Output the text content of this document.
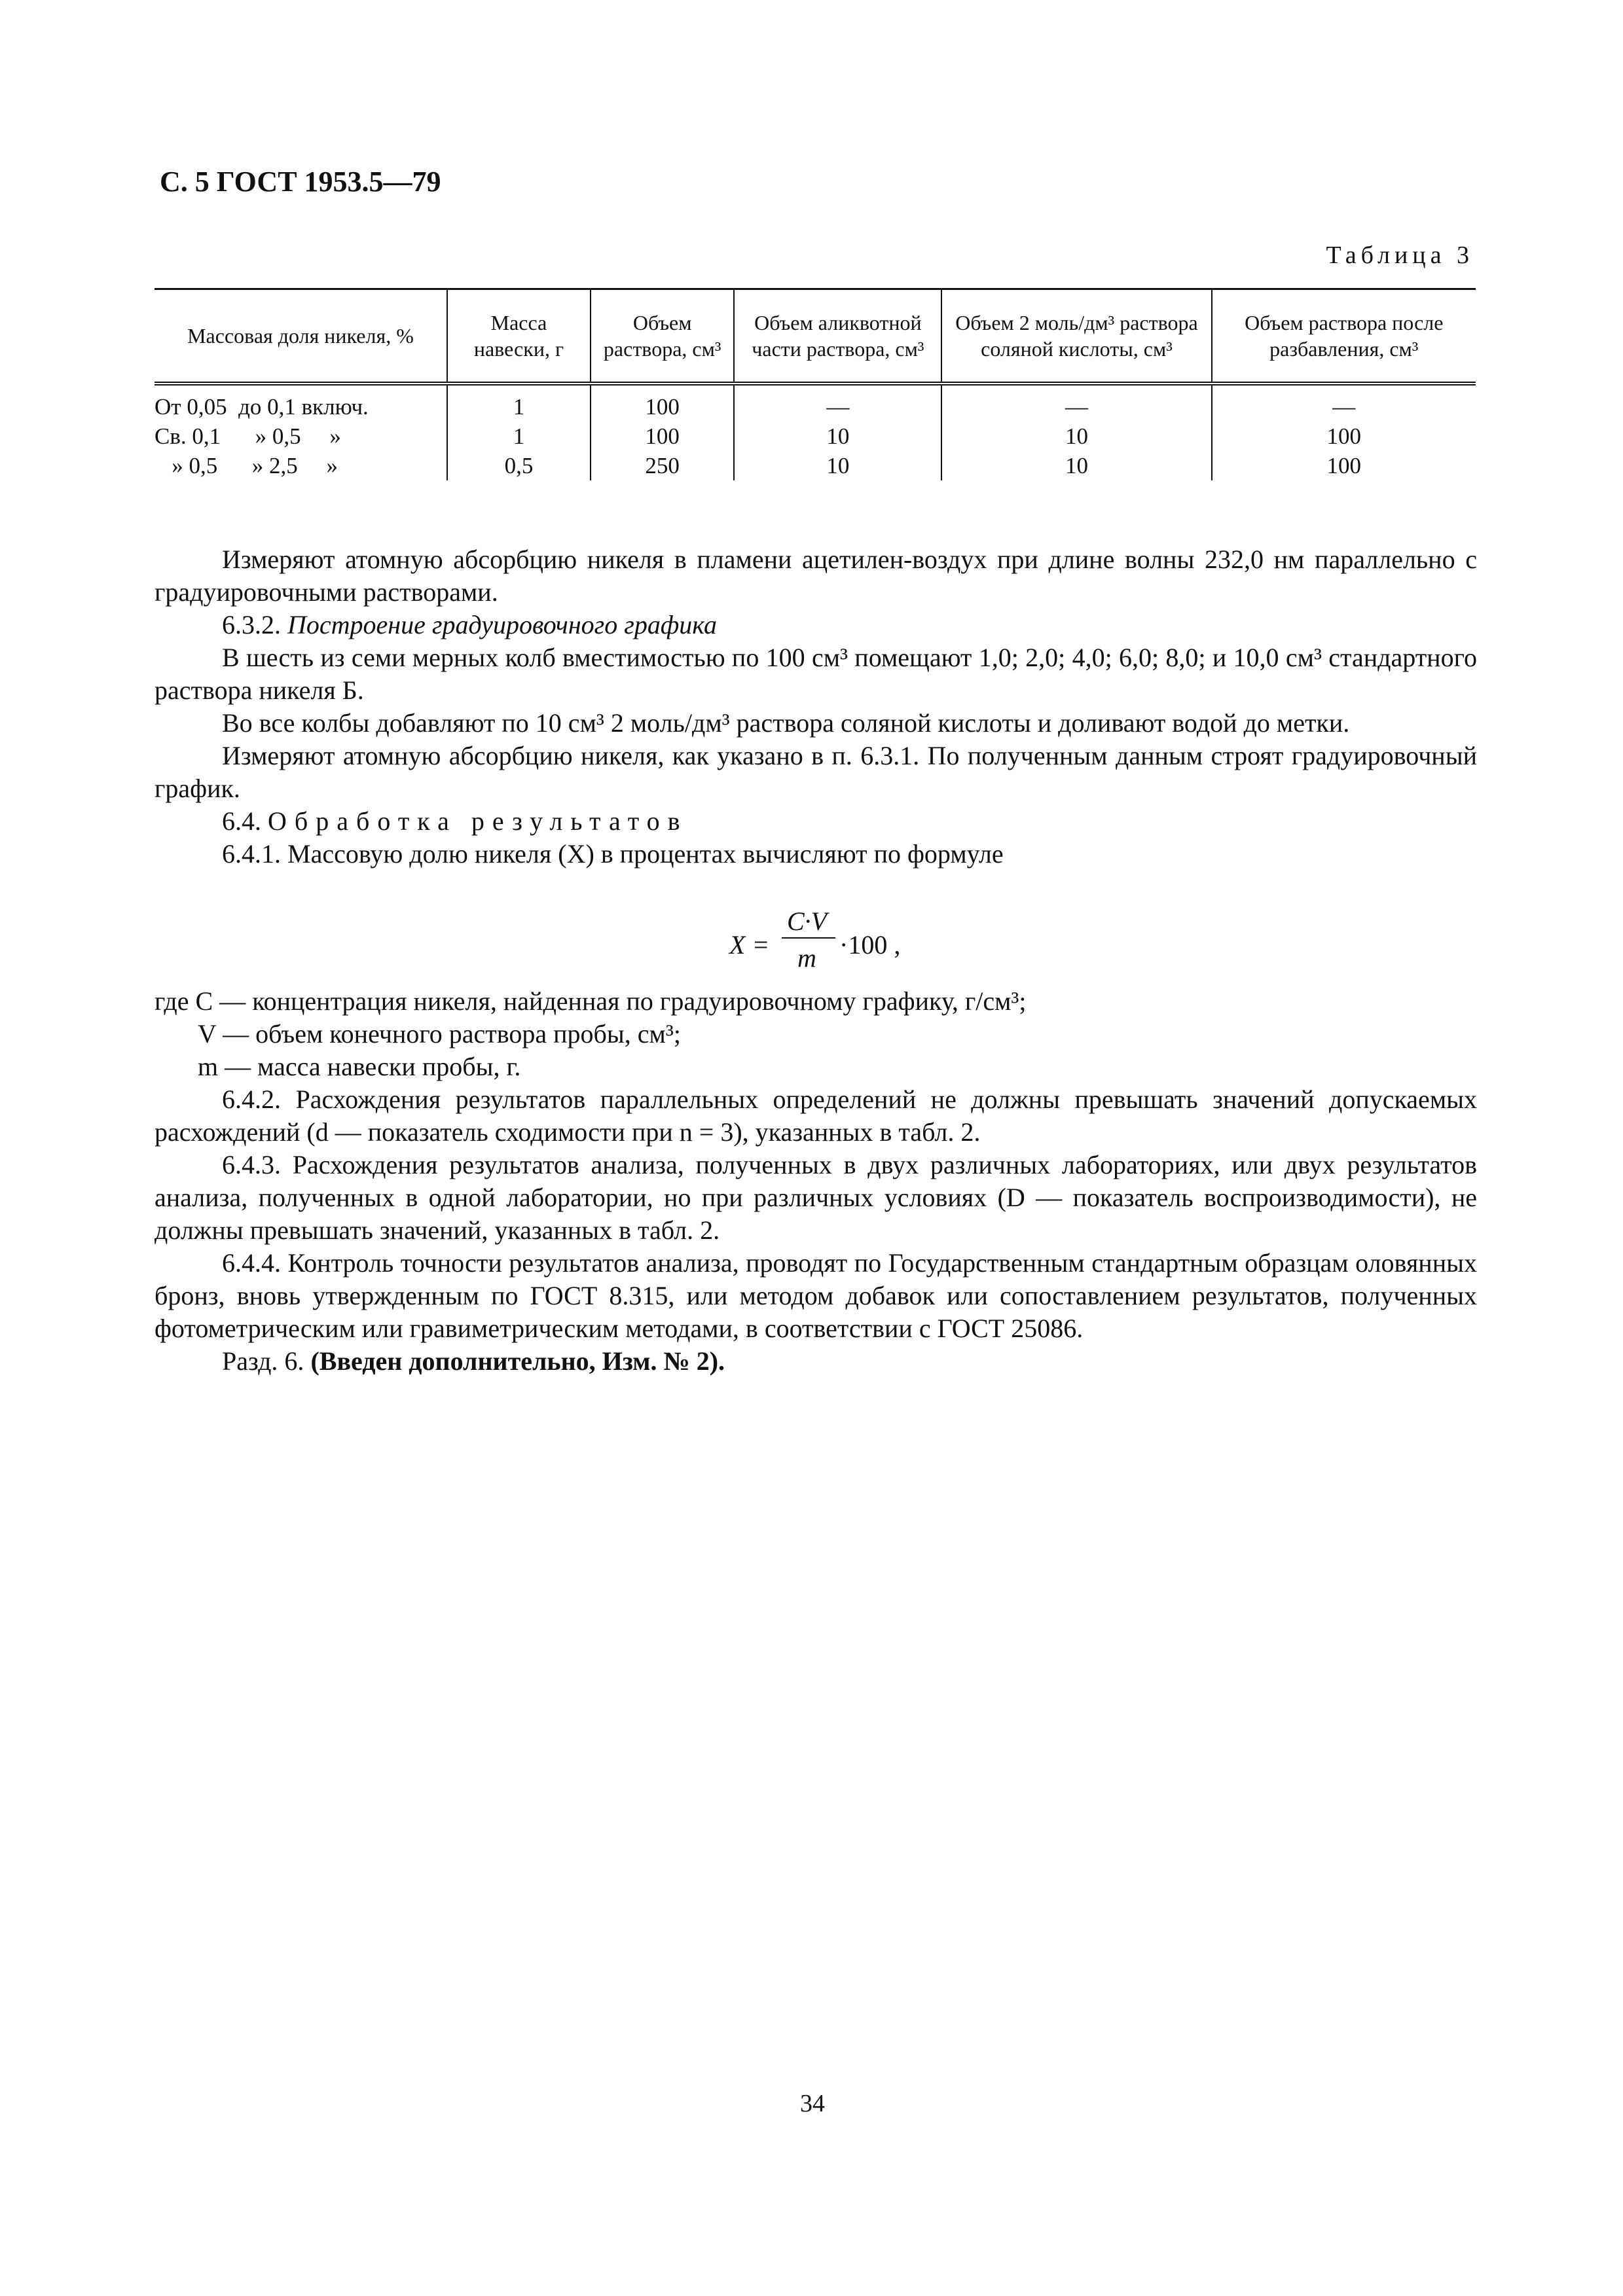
С. 5 ГОСТ 1953.5—79
Таблица 3
Массовая доля никеля, %	Масса навески, г	Объем раствора, см³	Объем аликвотной части раствора, см³	Объем 2 моль/дм³ раствора соляной кислоты, см³	Объем раствора после разбавления, см³
От 0,05  до 0,1 включ.	1	100	—	—	—
Св. 0,1      » 0,5     »	1	100	10	10	100
» 0,5      » 2,5     »	0,5	250	10	10	100

Измеряют атомную абсорбцию никеля в пламени ацетилен-воздух при длине волны 232,0 нм параллельно с градуировочными растворами.

6.3.2. Построение градуировочного графика

В шесть из семи мерных колб вместимостью по 100 см³ помещают 1,0; 2,0; 4,0; 6,0; 8,0; и 10,0 см³ стандартного раствора никеля Б.

Во все колбы добавляют по 10 см³ 2 моль/дм³ раствора соляной кислоты и доливают водой до метки.

Измеряют атомную абсорбцию никеля, как указано в п. 6.3.1. По полученным данным строят градуировочный график.

6.4. Обработка результатов

6.4.1. Массовую долю никеля (X) в процентах вычисляют по формуле

X =
C·V
m ·100 ,

где C — концентрация никеля, найденная по градуировочному графику, г/см³;

V — объем конечного раствора пробы, см³;

m — масса навески пробы, г.

6.4.2. Расхождения результатов параллельных определений не должны превышать значений допускаемых расхождений (d — показатель сходимости при n = 3), указанных в табл. 2.

6.4.3. Расхождения результатов анализа, полученных в двух различных лабораториях, или двух результатов анализа, полученных в одной лаборатории, но при различных условиях (D — показатель воспроизводимости), не должны превышать значений, указанных в табл. 2.

6.4.4. Контроль точности результатов анализа, проводят по Государственным стандартным образцам оловянных бронз, вновь утвержденным по ГОСТ 8.315, или методом добавок или сопоставлением результатов, полученных фотометрическим или гравиметрическим методами, в соответствии с ГОСТ 25086.

Разд. 6. (Введен дополнительно, Изм. № 2).

34
